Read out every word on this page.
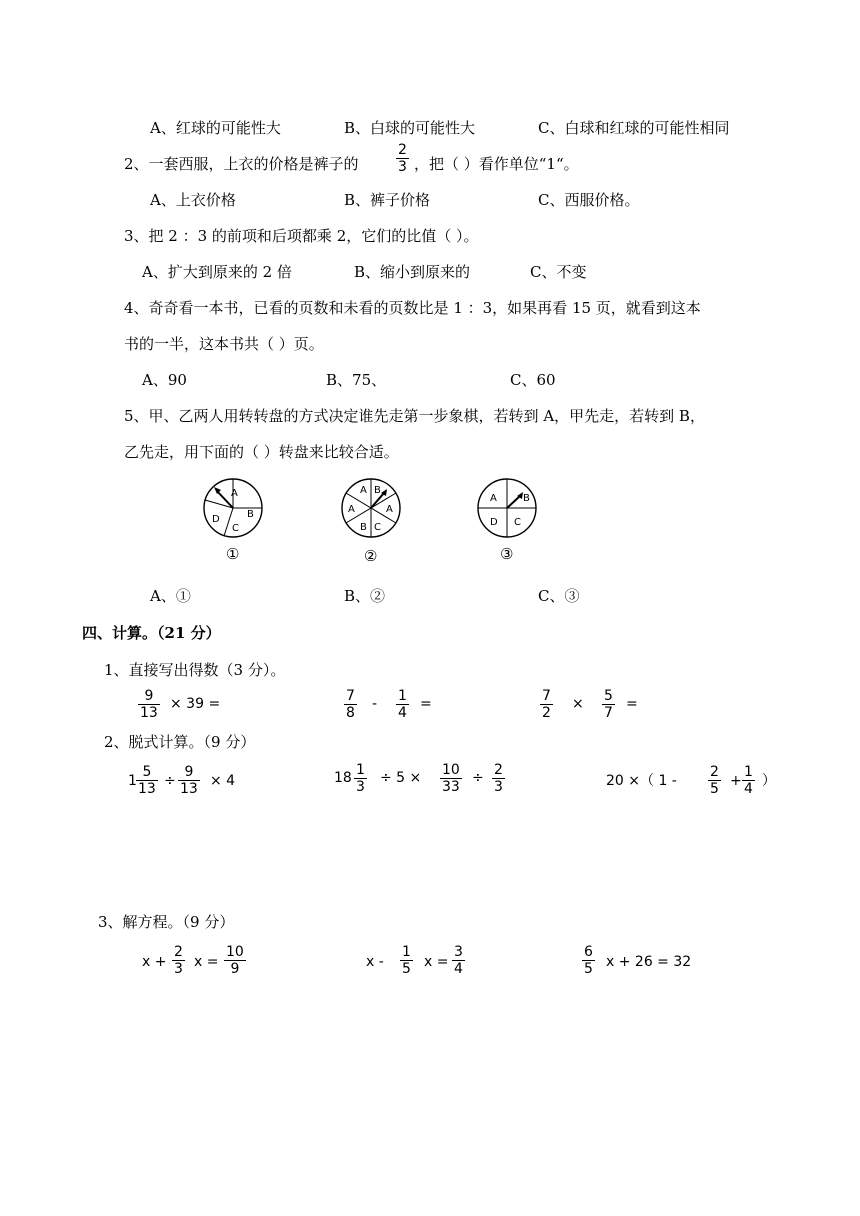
A、红球的可能性大	B、白球的可能性大	C、白球和红球的可能性相同
2、一套西服，上衣的价格是裤子的	$\frac{2}{3}$ ，把（ ）看作单位“1“。
A、上衣价格	B、裤子价格	C、西服价格。
3、把 2 ：3 的前项和后项都乘 2，它们的比值（ ）。
A、扩大到原来的 2 倍	B、缩小到原来的	C、不变
4、奇奇看一本书，已看的页数和未看的页数比是 1 ：3，如果再看 15 页，就看到这本
书的一半，这本书共（ ）页。
A、90	B、75、	C、60
5、甲、乙两人用转转盘的方式决定谁先走第一步象棋，若转到 A，甲先走，若转到 B，
乙先走，用下面的（ ）转盘来比较合适。
A
B
C
D
①
A B
A
C
B
A
②
A	B
C
D
③
A、①	B、②	C、③
四、计算。（21 分）
1、直接写出得数（3 分）。
$\frac{9}{13} \times 39$ =	$\frac{7}{8} - \frac{1}{4}$ =	$\frac{7}{2} \times \frac{5}{7}$ =
2、脱式计算。（9 分）
$1 \frac{5}{13} \div \frac{9}{13} \times 4$	$18 \frac{1}{3} \div 5 \times \frac{10}{33} \div \frac{2}{3}$	20 ×（ $1 - \frac{2}{5} + \frac{1}{4}$ ）
3、解方程。（9 分）
$x + \frac{2}{3}$ $x = \frac{10}{9}$	x - $\frac{1}{5}$ $x = \frac{3}{4}$	$\frac{6}{5}$ x + 26 = 32
